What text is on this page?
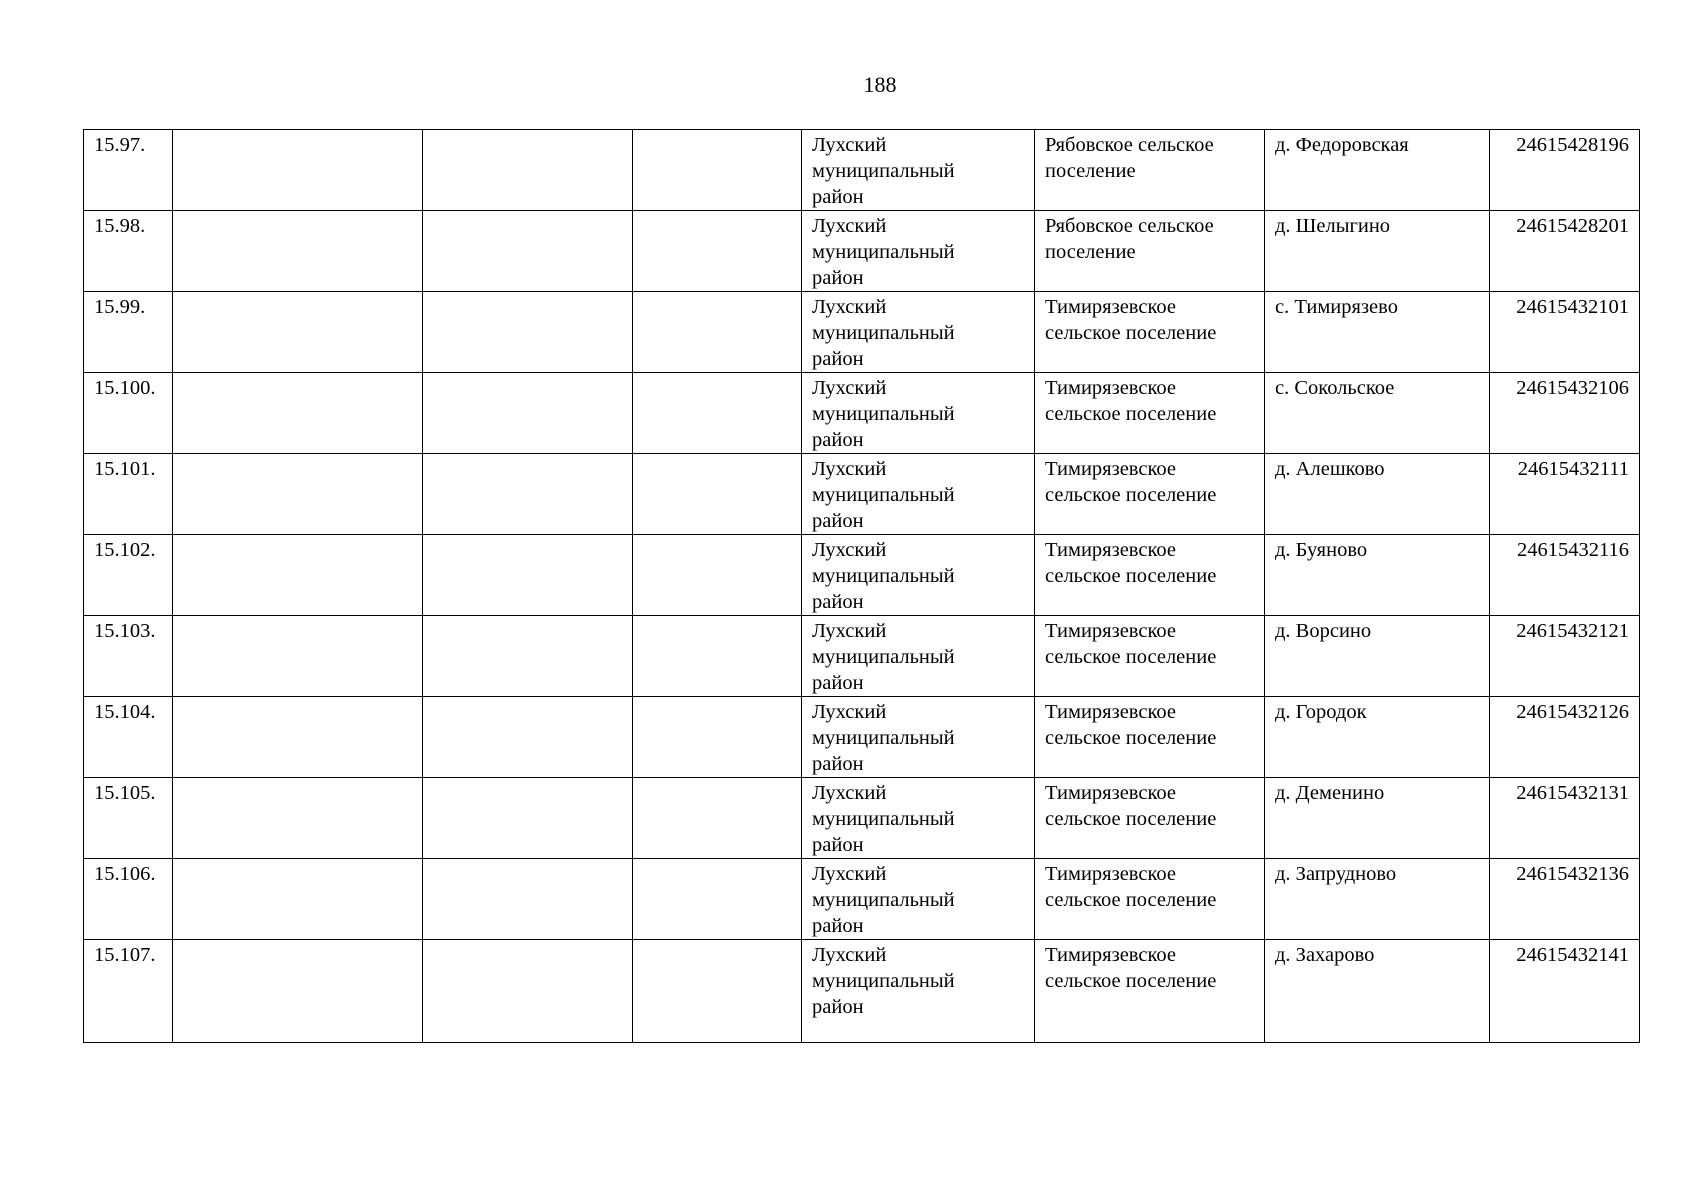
188
15.97.				Лухский
муниципальный
район	Рябовское сельское
поселение	д. Федоровская	24615428196
15.98.				Лухский
муниципальный
район	Рябовское сельское
поселение	д. Шелыгино	24615428201
15.99.				Лухский
муниципальный
район	Тимирязевское
сельское поселение	с. Тимирязево	24615432101
15.100.				Лухский
муниципальный
район	Тимирязевское
сельское поселение	с. Сокольское	24615432106
15.101.				Лухский
муниципальный
район	Тимирязевское
сельское поселение	д. Алешково	24615432111
15.102.				Лухский
муниципальный
район	Тимирязевское
сельское поселение	д. Буяново	24615432116
15.103.				Лухский
муниципальный
район	Тимирязевское
сельское поселение	д. Ворсино	24615432121
15.104.				Лухский
муниципальный
район	Тимирязевское
сельское поселение	д. Городок	24615432126
15.105.				Лухский
муниципальный
район	Тимирязевское
сельское поселение	д. Деменино	24615432131
15.106.				Лухский
муниципальный
район	Тимирязевское
сельское поселение	д. Запрудново	24615432136
15.107.				Лухский
муниципальный
район	Тимирязевское
сельское поселение	д. Захарово	24615432141
